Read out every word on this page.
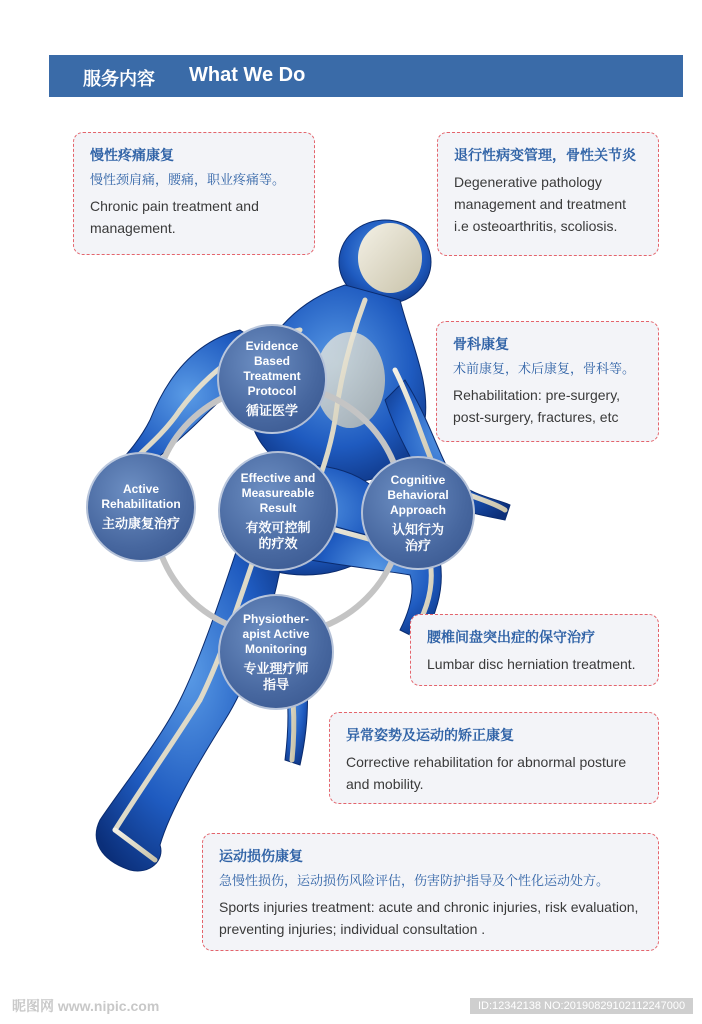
服务内容 What We Do
慢性疼痛康复
慢性颈肩痛，腰痛，职业疼痛等。
Chronic pain treatment and management.
退行性病变管理，骨性关节炎
Degenerative pathology management and treatment i.e osteoarthritis, scoliosis.
骨科康复
术前康复，术后康复，骨科等。
Rehabilitation: pre-surgery, post-surgery, fractures, etc
腰椎间盘突出症的保守治疗
Lumbar disc herniation treatment.
异常姿势及运动的矫正康复
Corrective rehabilitation for abnormal posture and mobility.
运动损伤康复
急慢性损伤，运动损伤风险评估，伤害防护指导及个性化运动处方。
Sports injuries treatment: acute and chronic injuries, risk evaluation, preventing injuries; individual consultation .
Evidence
Based
Treatment
Protocol
循证医学
Active
Rehabilitation
主动康复治疗
Effective and
Measureable
Result
有效可控制
的疗效
Cognitive
Behavioral
Approach
认知行为
治疗
Physiother-
apist Active
Monitoring
专业理疗师
指导
昵图网 www.nipic.com	ID:12342138 NO:20190829102112247000
